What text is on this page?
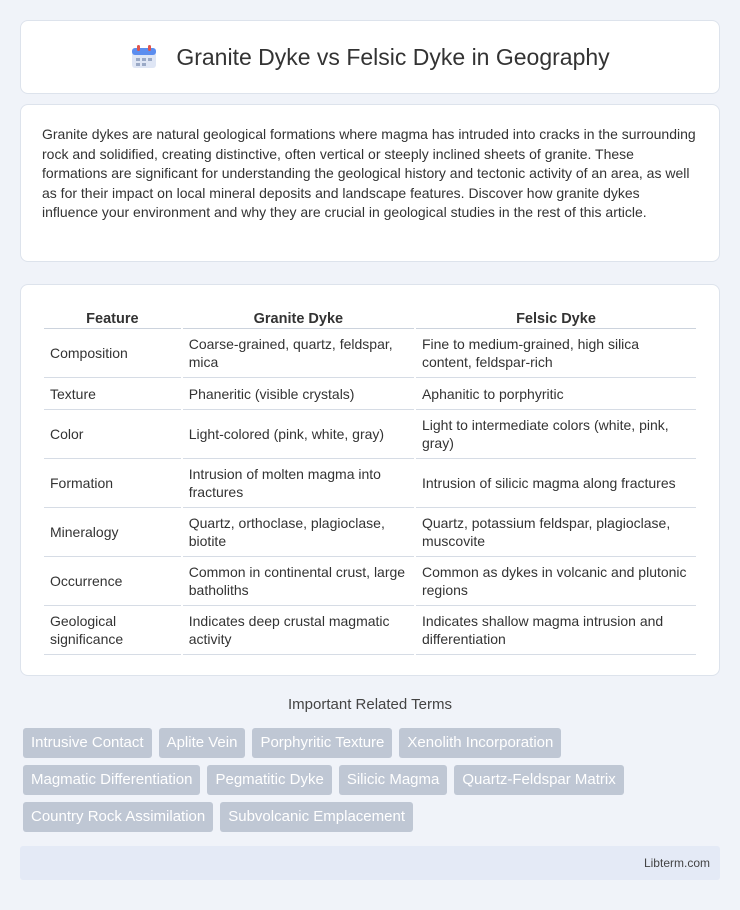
Granite Dyke vs Felsic Dyke in Geography

Granite dykes are natural geological formations where magma has intruded into cracks in the surrounding rock and solidified, creating distinctive, often vertical or steeply inclined sheets of granite. These formations are significant for understanding the geological history and tectonic activity of an area, as well as for their impact on local mineral deposits and landscape features. Discover how granite dykes influence your environment and why they are crucial in geological studies in the rest of this article.

Feature	Granite Dyke	Felsic Dyke
Composition	Coarse-grained, quartz, feldspar, mica	Fine to medium-grained, high silica content, feldspar-rich
Texture	Phaneritic (visible crystals)	Aphanitic to porphyritic
Color	Light-colored (pink, white, gray)	Light to intermediate colors (white, pink, gray)
Formation	Intrusion of molten magma into fractures	Intrusion of silicic magma along fractures
Mineralogy	Quartz, orthoclase, plagioclase, biotite	Quartz, potassium feldspar, plagioclase, muscovite
Occurrence	Common in continental crust, large batholiths	Common as dykes in volcanic and plutonic regions
Geological significance	Indicates deep crustal magmatic activity	Indicates shallow magma intrusion and differentiation
Important Related Terms
Intrusive Contact	Aplite Vein	Porphyritic Texture	Xenolith Incorporation
Magmatic Differentiation	Pegmatitic Dyke	Silicic Magma	Quartz-Feldspar Matrix
Country Rock Assimilation	Subvolcanic Emplacement
Libterm.com
